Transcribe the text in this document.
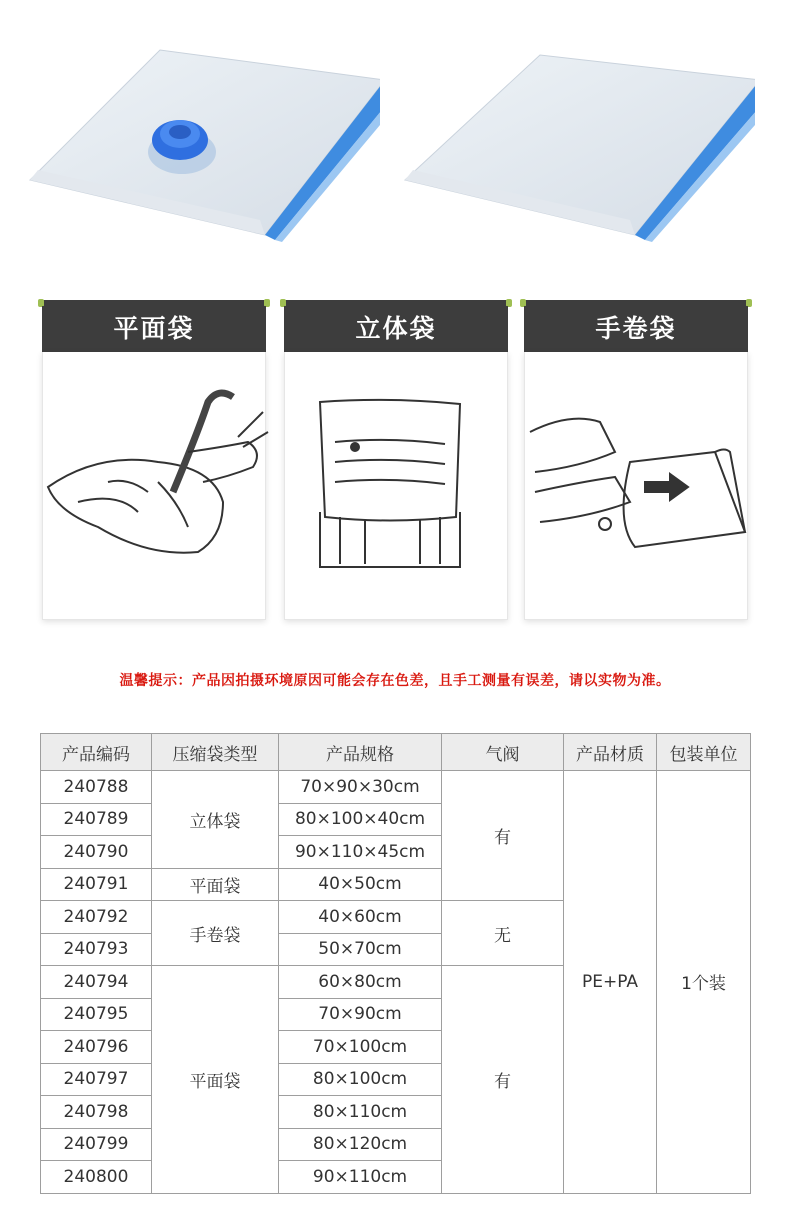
平面袋	立体袋	手卷袋
温馨提示：产品因拍摄环境原因可能会存在色差，且手工测量有误差，请以实物为准。
产品编码	压缩袋类型	产品规格	气阀	产品材质	包装单位
240788	立体袋	70×90×30cm	有	PE+PA	1个装
240789		80×100×40cm			
240790		90×110×45cm			
240791	平面袋	40×50cm			
240792	手卷袋	40×60cm	无		
240793		50×70cm			
240794	平面袋	60×80cm	有		
240795		70×90cm			
240796		70×100cm			
240797		80×100cm			
240798		80×110cm			
240799		80×120cm			
240800		90×110cm			
